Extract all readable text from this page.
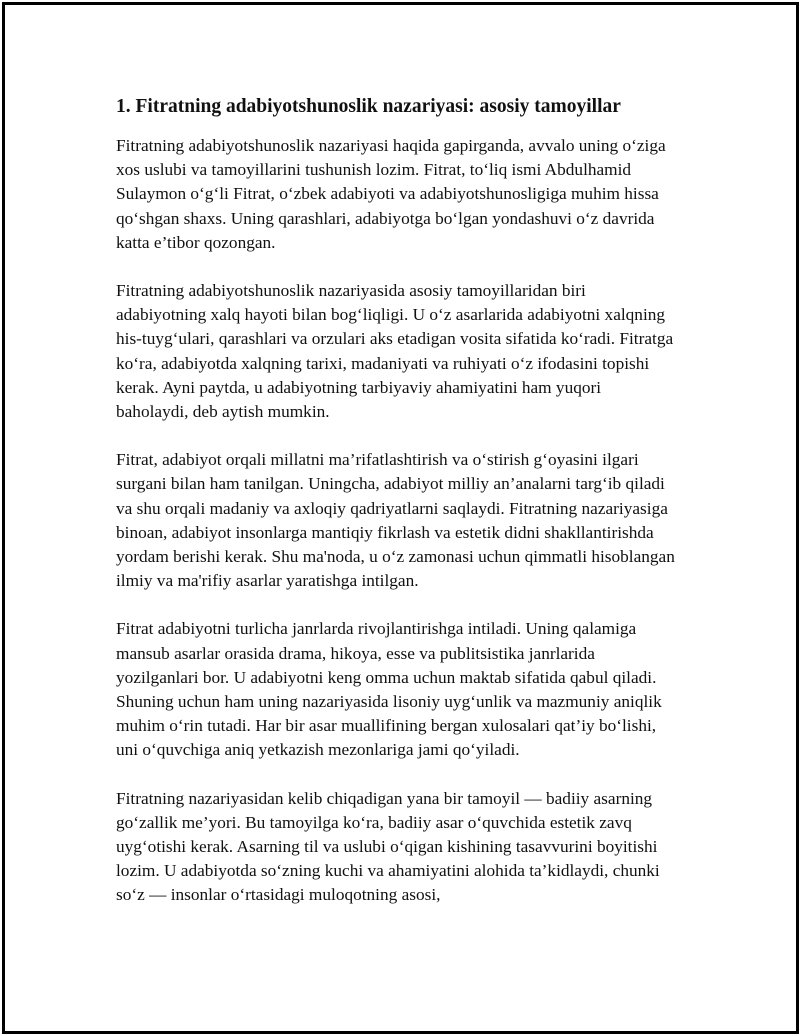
1. Fitratning adabiyotshunoslik nazariyasi: asosiy tamoyillar

Fitratning adabiyotshunoslik nazariyasi haqida gapirganda, avvalo uning o‘ziga xos uslubi va tamoyillarini tushunish lozim. Fitrat, to‘liq ismi Abdulhamid Sulaymon o‘g‘li Fitrat, o‘zbek adabiyoti va adabiyotshunosligiga muhim hissa qo‘shgan shaxs. Uning qarashlari, adabiyotga bo‘lgan yondashuvi o‘z davrida katta e’tibor qozongan.

Fitratning adabiyotshunoslik nazariyasida asosiy tamoyillaridan biri adabiyotning xalq hayoti bilan bog‘liqligi. U o‘z asarlarida adabiyotni xalqning his-tuyg‘ulari, qarashlari va orzulari aks etadigan vosita sifatida ko‘radi. Fitratga ko‘ra, adabiyotda xalqning tarixi, madaniyati va ruhiyati o‘z ifodasini topishi kerak. Ayni paytda, u adabiyotning tarbiyaviy ahamiyatini ham yuqori baholaydi, deb aytish mumkin.

Fitrat, adabiyot orqali millatni ma’rifatlashtirish va o‘stirish g‘oyasini ilgari surgani bilan ham tanilgan. Uningcha, adabiyot milliy an’analarni targ‘ib qiladi va shu orqali madaniy va axloqiy qadriyatlarni saqlaydi. Fitratning nazariyasiga binoan, adabiyot insonlarga mantiqiy fikrlash va estetik didni shakllantirishda yordam berishi kerak. Shu ma'noda, u o‘z zamonasi uchun qimmatli hisoblangan ilmiy va ma'rifiy asarlar yaratishga intilgan.

Fitrat adabiyotni turlicha janrlarda rivojlantirishga intiladi. Uning qalamiga mansub asarlar orasida drama, hikoya, esse va publitsistika janrlarida yozilganlari bor. U adabiyotni keng omma uchun maktab sifatida qabul qiladi. Shuning uchun ham uning nazariyasida lisoniy uyg‘unlik va mazmuniy aniqlik muhim o‘rin tutadi. Har bir asar muallifining bergan xulosalari qat’iy bo‘lishi, uni o‘quvchiga aniq yetkazish mezonlariga jami qo‘yiladi.

Fitratning nazariyasidan kelib chiqadigan yana bir tamoyil — badiiy asarning go‘zallik me’yori. Bu tamoyilga ko‘ra, badiiy asar o‘quvchida estetik zavq uyg‘otishi kerak. Asarning til va uslubi o‘qigan kishining tasavvurini boyitishi lozim. U adabiyotda so‘zning kuchi va ahamiyatini alohida ta’kidlaydi, chunki so‘z — insonlar o‘rtasidagi muloqotning asosi,
